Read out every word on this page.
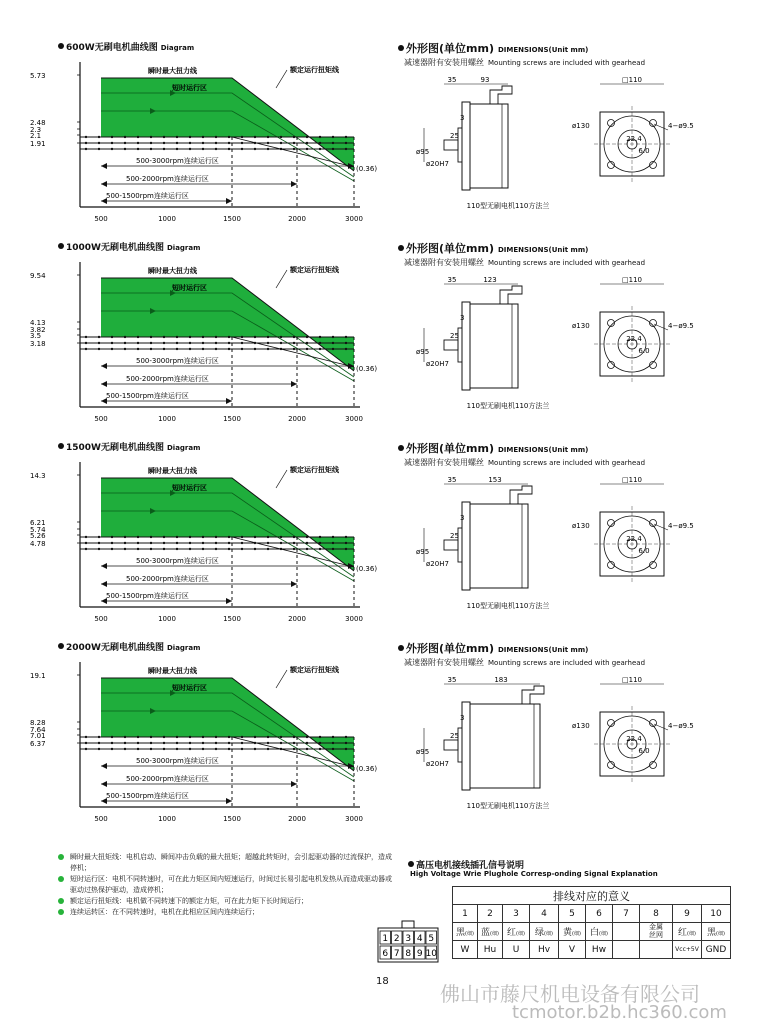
600W无刷电机曲线图 Diagram
500-3000rpm连续运行区
500-2000rpm连续运行区
500-1500rpm连续运行区
瞬时最大扭力线
短时运行区
额定运行扭矩线
(0.36)
5.73
2.48
2.3
2.1
1.91
500	1000	1500	2000	3000
1000W无刷电机曲线图 Diagram
500-3000rpm连续运行区
500-2000rpm连续运行区
500-1500rpm连续运行区
瞬时最大扭力线
短时运行区
额定运行扭矩线
(0.36)
9.54
4.13
3.82
3.5
3.18
500	1000	1500	2000	3000
1500W无刷电机曲线图 Diagram
500-3000rpm连续运行区
500-2000rpm连续运行区
500-1500rpm连续运行区
瞬时最大扭力线
短时运行区
额定运行扭矩线
(0.36)
14.3
6.21
5.74
5.26
4.78
500	1000	1500	2000	3000
2000W无刷电机曲线图 Diagram
500-3000rpm连续运行区
500-2000rpm连续运行区
500-1500rpm连续运行区
瞬时最大扭力线
短时运行区
额定运行扭矩线
(0.36)
19.1
8.28
7.64
7.01
6.37
500	1000	1500	2000	3000
外形图(单位mm) DIMENSIONS(Unit mm)
减速器附有安装用螺丝 Mounting screws are included with gearhead
35	93
3
25
ø95
ø20H7
110型无刷电机110方法兰
□110
ø130	4−ø9.5
22.4
6.0
外形图(单位mm) DIMENSIONS(Unit mm)
减速器附有安装用螺丝 Mounting screws are included with gearhead
35	123
3
25
ø95
ø20H7
110型无刷电机110方法兰
□110
ø130	4−ø9.5
22.4
6.0
外形图(单位mm) DIMENSIONS(Unit mm)
减速器附有安装用螺丝 Mounting screws are included with gearhead
35	153
3
25
ø95
ø20H7
110型无刷电机110方法兰
□110
ø130	4−ø9.5
22.4
6.0
外形图(单位mm) DIMENSIONS(Unit mm)
减速器附有安装用螺丝 Mounting screws are included with gearhead
35	183
3
25
ø95
ø20H7
110型无刷电机110方法兰
□110
ø130	4−ø9.5
22.4
6.0
瞬时最大扭矩线：电机启动、瞬间冲击负载的最大扭矩；超越此转矩时，会引起驱动器的过流保护，造成停机；
短时运行区：电机不同转速时，可在此力矩区间内短速运行，时间过长易引起电机发热从而造成驱动器或驱动过热保护驱动，造成停机；
额定运行扭矩线：电机做不同转速下的额定力矩，可在此力矩下长时间运行；
连续运转区：在不同转速时，电机在此相应区间内连续运行；
高压电机接线插孔信号说明
High Voltage Wrie Plughole Corresp-onding Signal Explanation
1 2 3 4 5
6 7 8 9 10
排线对应的意义									
1	2	3	4	5	6	7	8	9	10
黑(细)	蓝(细)	红(细)	绿(细)	黄(细)	白(细)		金属丝网	红(细)	黑(细)
W	Hu	U	Hv	V	Hw			Vcc+5V	GND
18
佛山市藤尺机电设备有限公司
tcmotor.b2b.hc360.com
